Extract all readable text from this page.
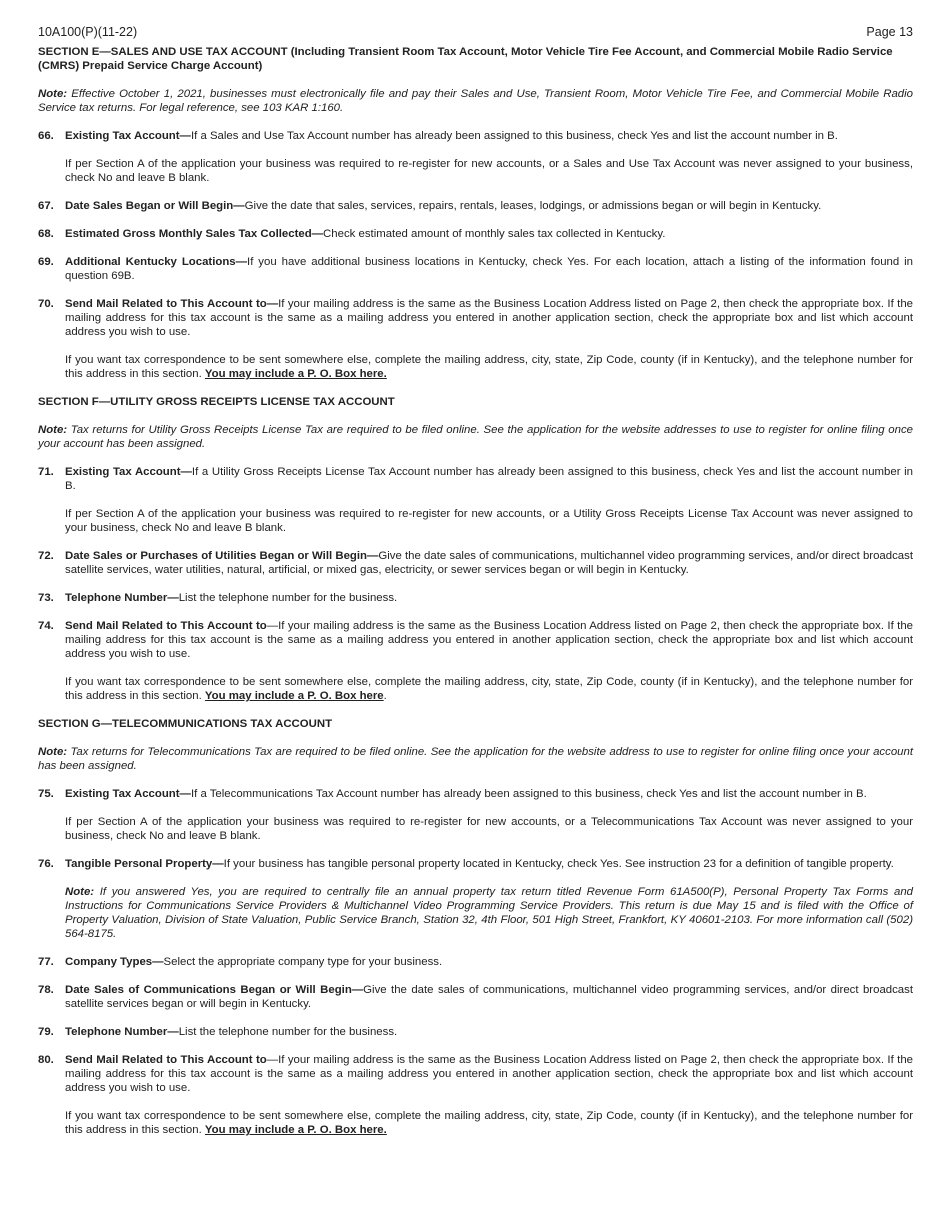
10A100(P)(11-22)	Page 13
SECTION E—SALES AND USE TAX ACCOUNT (Including Transient Room Tax Account, Motor Vehicle Tire Fee Account, and Commercial Mobile Radio Service (CMRS) Prepaid Service Charge Account)
Note: Effective October 1, 2021, businesses must electronically file and pay their Sales and Use, Transient Room, Motor Vehicle Tire Fee, and Commercial Mobile Radio Service tax returns. For legal reference, see 103 KAR 1:160.
66. Existing Tax Account—If a Sales and Use Tax Account number has already been assigned to this business, check Yes and list the account number in B.
If per Section A of the application your business was required to re-register for new accounts, or a Sales and Use Tax Account was never assigned to your business, check No and leave B blank.
67. Date Sales Began or Will Begin—Give the date that sales, services, repairs, rentals, leases, lodgings, or admissions began or will begin in Kentucky.
68. Estimated Gross Monthly Sales Tax Collected—Check estimated amount of monthly sales tax collected in Kentucky.
69. Additional Kentucky Locations—If you have additional business locations in Kentucky, check Yes. For each location, attach a listing of the information found in question 69B.
70. Send Mail Related to This Account to—If your mailing address is the same as the Business Location Address listed on Page 2, then check the appropriate box. If the mailing address for this tax account is the same as a mailing address you entered in another application section, check the appropriate box and list which account address you wish to use.
If you want tax correspondence to be sent somewhere else, complete the mailing address, city, state, Zip Code, county (if in Kentucky), and the telephone number for this address in this section. You may include a P. O. Box here.
SECTION F—UTILITY GROSS RECEIPTS LICENSE TAX ACCOUNT
Note: Tax returns for Utility Gross Receipts License Tax are required to be filed online. See the application for the website addresses to use to register for online filing once your account has been assigned.
71. Existing Tax Account—If a Utility Gross Receipts License Tax Account number has already been assigned to this business, check Yes and list the account number in B.
If per Section A of the application your business was required to re-register for new accounts, or a Utility Gross Receipts License Tax Account was never assigned to your business, check No and leave B blank.
72. Date Sales or Purchases of Utilities Began or Will Begin—Give the date sales of communications, multichannel video programming services, and/or direct broadcast satellite services, water utilities, natural, artificial, or mixed gas, electricity, or sewer services began or will begin in Kentucky.
73. Telephone Number—List the telephone number for the business.
74. Send Mail Related to This Account to—If your mailing address is the same as the Business Location Address listed on Page 2, then check the appropriate box. If the mailing address for this tax account is the same as a mailing address you entered in another application section, check the appropriate box and list which account address you wish to use.
If you want tax correspondence to be sent somewhere else, complete the mailing address, city, state, Zip Code, county (if in Kentucky), and the telephone number for this address in this section. You may include a P. O. Box here.
SECTION G—TELECOMMUNICATIONS TAX ACCOUNT
Note: Tax returns for Telecommunications Tax are required to be filed online. See the application for the website address to use to register for online filing once your account has been assigned.
75. Existing Tax Account—If a Telecommunications Tax Account number has already been assigned to this business, check Yes and list the account number in B.
If per Section A of the application your business was required to re-register for new accounts, or a Telecommunications Tax Account was never assigned to your business, check No and leave B blank.
76. Tangible Personal Property—If your business has tangible personal property located in Kentucky, check Yes. See instruction 23 for a definition of tangible property.
Note: If you answered Yes, you are required to centrally file an annual property tax return titled Revenue Form 61A500(P), Personal Property Tax Forms and Instructions for Communications Service Providers & Multichannel Video Programming Service Providers. This return is due May 15 and is filed with the Office of Property Valuation, Division of State Valuation, Public Service Branch, Station 32, 4th Floor, 501 High Street, Frankfort, KY 40601-2103. For more information call (502) 564-8175.
77. Company Types—Select the appropriate company type for your business.
78. Date Sales of Communications Began or Will Begin—Give the date sales of communications, multichannel video programming services, and/or direct broadcast satellite services began or will begin in Kentucky.
79. Telephone Number—List the telephone number for the business.
80. Send Mail Related to This Account to—If your mailing address is the same as the Business Location Address listed on Page 2, then check the appropriate box. If the mailing address for this tax account is the same as a mailing address you entered in another application section, check the appropriate box and list which account address you wish to use.
If you want tax correspondence to be sent somewhere else, complete the mailing address, city, state, Zip Code, county (if in Kentucky), and the telephone number for this address in this section. You may include a P. O. Box here.
